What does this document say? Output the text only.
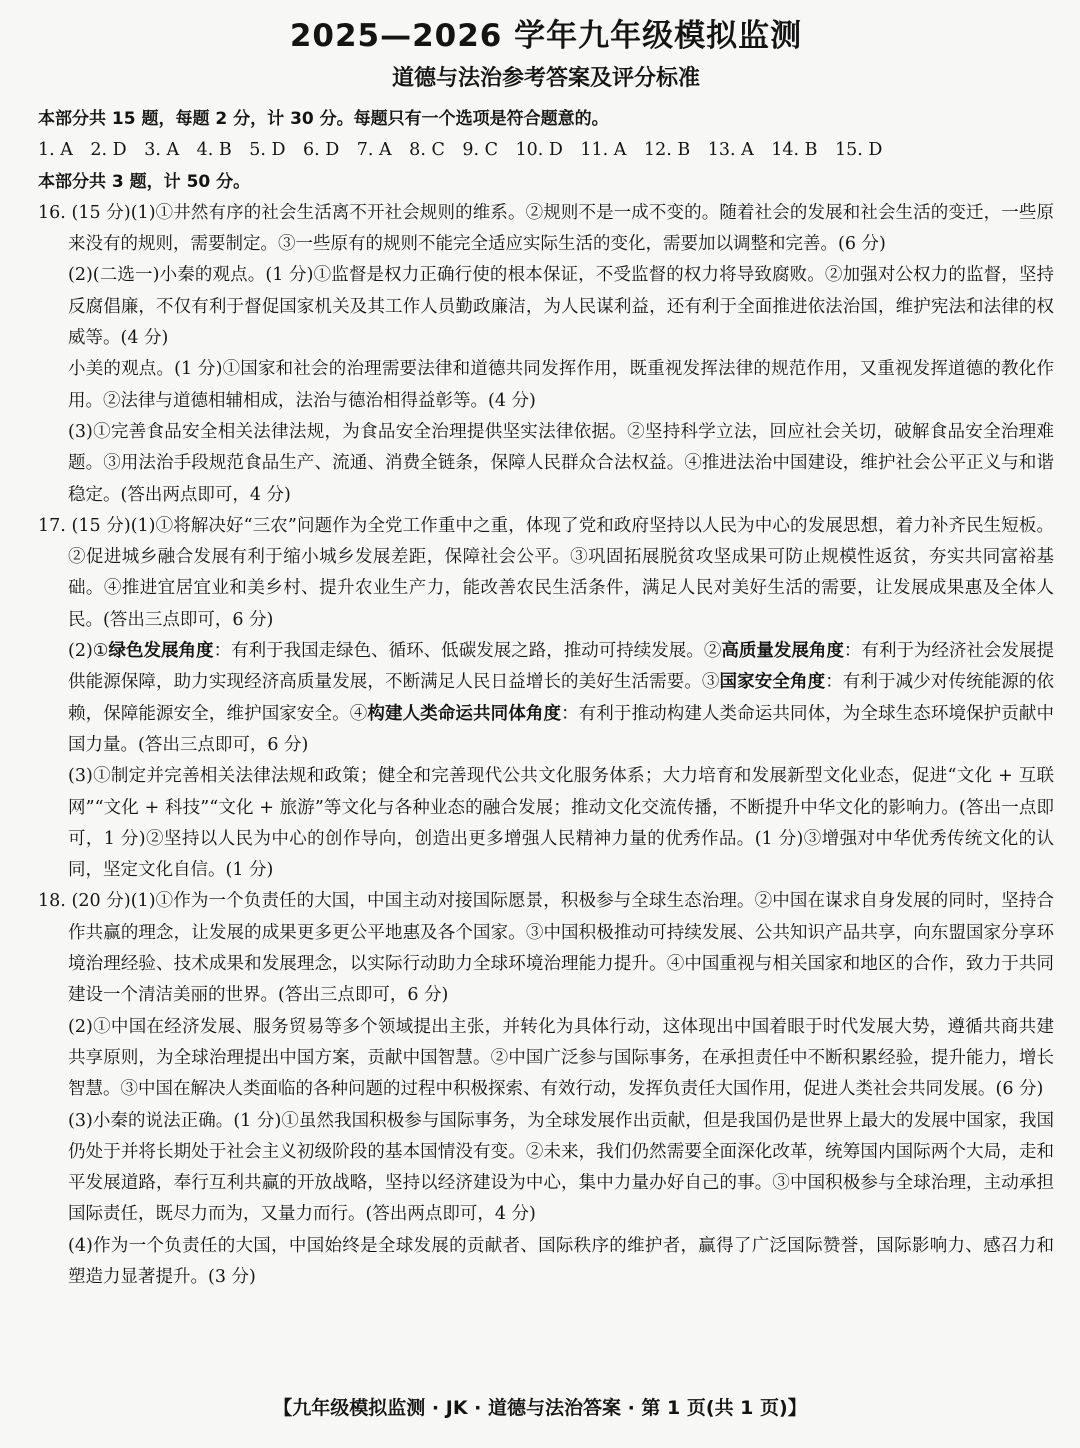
2025—2026 学年九年级模拟监测
道德与法治参考答案及评分标准
本部分共 15 题，每题 2 分，计 30 分。每题只有一个选项是符合题意的。
1. A　2. D　3. A　4. B　5. D　6. D　7. A　8. C　9. C　10. D　11. A　12. B　13. A　14. B　15. D
本部分共 3 题，计 50 分。
16. (15 分)(1)①井然有序的社会生活离不开社会规则的维系。②规则不是一成不变的。随着社会的发展和社会生活的变迁，一些原来没有的规则，需要制定。③一些原有的规则不能完全适应实际生活的变化，需要加以调整和完善。(6 分)
(2)(二选一)小秦的观点。(1 分)①监督是权力正确行使的根本保证，不受监督的权力将导致腐败。②加强对公权力的监督，坚持反腐倡廉，不仅有利于督促国家机关及其工作人员勤政廉洁，为人民谋利益，还有利于全面推进依法治国，维护宪法和法律的权威等。(4 分)
小美的观点。(1 分)①国家和社会的治理需要法律和道德共同发挥作用，既重视发挥法律的规范作用，又重视发挥道德的教化作用。②法律与道德相辅相成，法治与德治相得益彰等。(4 分)
(3)①完善食品安全相关法律法规，为食品安全治理提供坚实法律依据。②坚持科学立法，回应社会关切，破解食品安全治理难题。③用法治手段规范食品生产、流通、消费全链条，保障人民群众合法权益。④推进法治中国建设，维护社会公平正义与和谐稳定。(答出两点即可，4 分)
17. (15 分)(1)①将解决好“三农”问题作为全党工作重中之重，体现了党和政府坚持以人民为中心的发展思想，着力补齐民生短板。②促进城乡融合发展有利于缩小城乡发展差距，保障社会公平。③巩固拓展脱贫攻坚成果可防止规模性返贫，夯实共同富裕基础。④推进宜居宜业和美乡村、提升农业生产力，能改善农民生活条件，满足人民对美好生活的需要，让发展成果惠及全体人民。(答出三点即可，6 分)
(2)①绿色发展角度：有利于我国走绿色、循环、低碳发展之路，推动可持续发展。②高质量发展角度：有利于为经济社会发展提供能源保障，助力实现经济高质量发展，不断满足人民日益增长的美好生活需要。③国家安全角度：有利于减少对传统能源的依赖，保障能源安全，维护国家安全。④构建人类命运共同体角度：有利于推动构建人类命运共同体，为全球生态环境保护贡献中国力量。(答出三点即可，6 分)
(3)①制定并完善相关法律法规和政策；健全和完善现代公共文化服务体系；大力培育和发展新型文化业态，促进“文化 + 互联网”“文化 + 科技”“文化 + 旅游”等文化与各种业态的融合发展；推动文化交流传播，不断提升中华文化的影响力。(答出一点即可，1 分)②坚持以人民为中心的创作导向，创造出更多增强人民精神力量的优秀作品。(1 分)③增强对中华优秀传统文化的认同，坚定文化自信。(1 分)
18. (20 分)(1)①作为一个负责任的大国，中国主动对接国际愿景，积极参与全球生态治理。②中国在谋求自身发展的同时，坚持合作共赢的理念，让发展的成果更多更公平地惠及各个国家。③中国积极推动可持续发展、公共知识产品共享，向东盟国家分享环境治理经验、技术成果和发展理念，以实际行动助力全球环境治理能力提升。④中国重视与相关国家和地区的合作，致力于共同建设一个清洁美丽的世界。(答出三点即可，6 分)
(2)①中国在经济发展、服务贸易等多个领域提出主张，并转化为具体行动，这体现出中国着眼于时代发展大势，遵循共商共建共享原则，为全球治理提出中国方案，贡献中国智慧。②中国广泛参与国际事务，在承担责任中不断积累经验，提升能力，增长智慧。③中国在解决人类面临的各种问题的过程中积极探索、有效行动，发挥负责任大国作用，促进人类社会共同发展。(6 分)
(3)小秦的说法正确。(1 分)①虽然我国积极参与国际事务，为全球发展作出贡献，但是我国仍是世界上最大的发展中国家，我国仍处于并将长期处于社会主义初级阶段的基本国情没有变。②未来，我们仍然需要全面深化改革，统筹国内国际两个大局，走和平发展道路，奉行互利共赢的开放战略，坚持以经济建设为中心，集中力量办好自己的事。③中国积极参与全球治理，主动承担国际责任，既尽力而为，又量力而行。(答出两点即可，4 分)
(4)作为一个负责任的大国，中国始终是全球发展的贡献者、国际秩序的维护者，赢得了广泛国际赞誉，国际影响力、感召力和塑造力显著提升。(3 分)
【九年级模拟监测 · JK · 道德与法治答案 · 第 1 页(共 1 页)】
